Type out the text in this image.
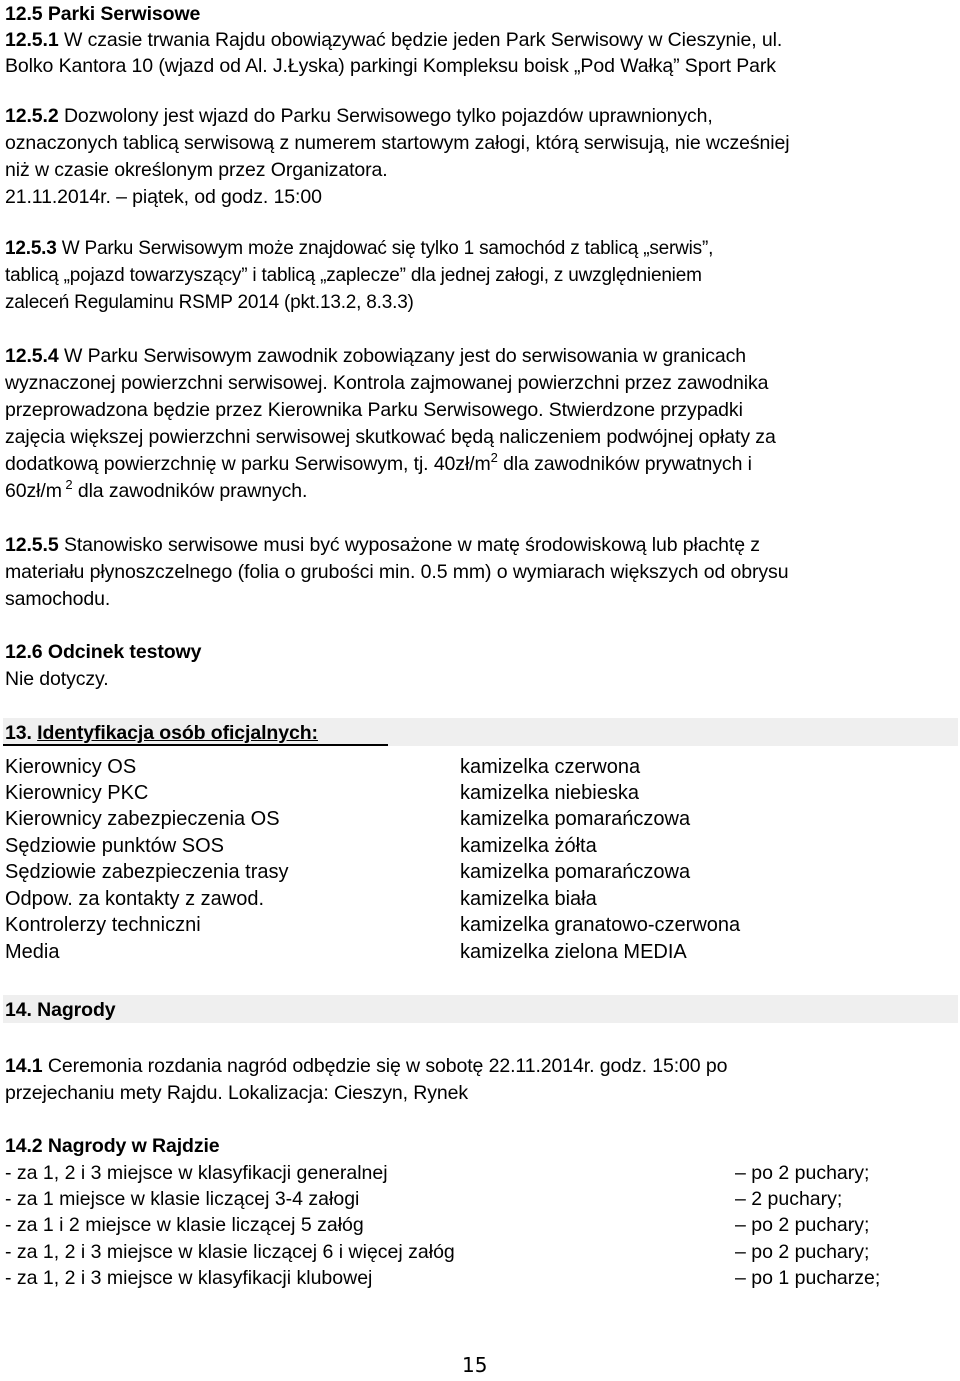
12.5 Parki Serwisowe
12.5.1 W czasie trwania Rajdu obowiązywać będzie jeden Park Serwisowy w Cieszynie, ul.
Bolko Kantora 10 (wjazd od Al. J.Łyska) parkingi Kompleksu boisk „Pod Wałką” Sport Park
12.5.2 Dozwolony jest wjazd do Parku Serwisowego tylko pojazdów uprawnionych,
oznaczonych tablicą serwisową z numerem startowym załogi, którą serwisują, nie wcześniej
niż w czasie określonym przez Organizatora.
21.11.2014r. – piątek, od godz. 15:00
12.5.3 W Parku Serwisowym może znajdować się tylko 1 samochód z tablicą „serwis”,
tablicą „pojazd towarzyszący” i tablicą „zaplecze” dla jednej załogi, z uwzględnieniem
zaleceń Regulaminu RSMP 2014 (pkt.13.2, 8.3.3)
12.5.4 W Parku Serwisowym zawodnik zobowiązany jest do serwisowania w granicach
wyznaczonej powierzchni serwisowej. Kontrola zajmowanej powierzchni przez zawodnika
przeprowadzona będzie przez Kierownika Parku Serwisowego. Stwierdzone przypadki
zajęcia większej powierzchni serwisowej skutkować będą naliczeniem podwójnej opłaty za
dodatkową powierzchnię w parku Serwisowym, tj. $40zł/m^2$ dla zawodników prywatnych i
60zł/m $^2$ dla zawodników prawnych.
12.5.5 Stanowisko serwisowe musi być wyposażone w matę środowiskową lub płachtę z
materiału płynoszczelnego (folia o grubości min. 0.5 mm) o wymiarach większych od obrysu
samochodu.
12.6 Odcinek testowy
Nie dotyczy.
13. Identyfikacja osób oficjalnych:
Kierownicy OS	kamizelka czerwona
Kierownicy PKC	kamizelka niebieska
Kierownicy zabezpieczenia OS	kamizelka pomarańczowa
Sędziowie punktów SOS	kamizelka żółta
Sędziowie zabezpieczenia trasy	kamizelka pomarańczowa
Odpow. za kontakty z zawod.	kamizelka biała
Kontrolerzy techniczni	kamizelka granatowo-czerwona
Media	kamizelka zielona MEDIA
14. Nagrody
14.1 Ceremonia rozdania nagród odbędzie się w sobotę 22.11.2014r. godz. 15:00 po
przejechaniu mety Rajdu. Lokalizacja: Cieszyn, Rynek
14.2 Nagrody w Rajdzie
- za 1, 2 i 3 miejsce w klasyfikacji generalnej	– po 2 puchary;
- za 1 miejsce w klasie liczącej 3-4 załogi	– 2 puchary;
- za 1 i 2 miejsce w klasie liczącej 5 załóg	– po 2 puchary;
- za 1, 2 i 3 miejsce w klasie liczącej 6 i więcej załóg	– po 2 puchary;
- za 1, 2 i 3 miejsce w klasyfikacji klubowej	– po 1 pucharze;
15
